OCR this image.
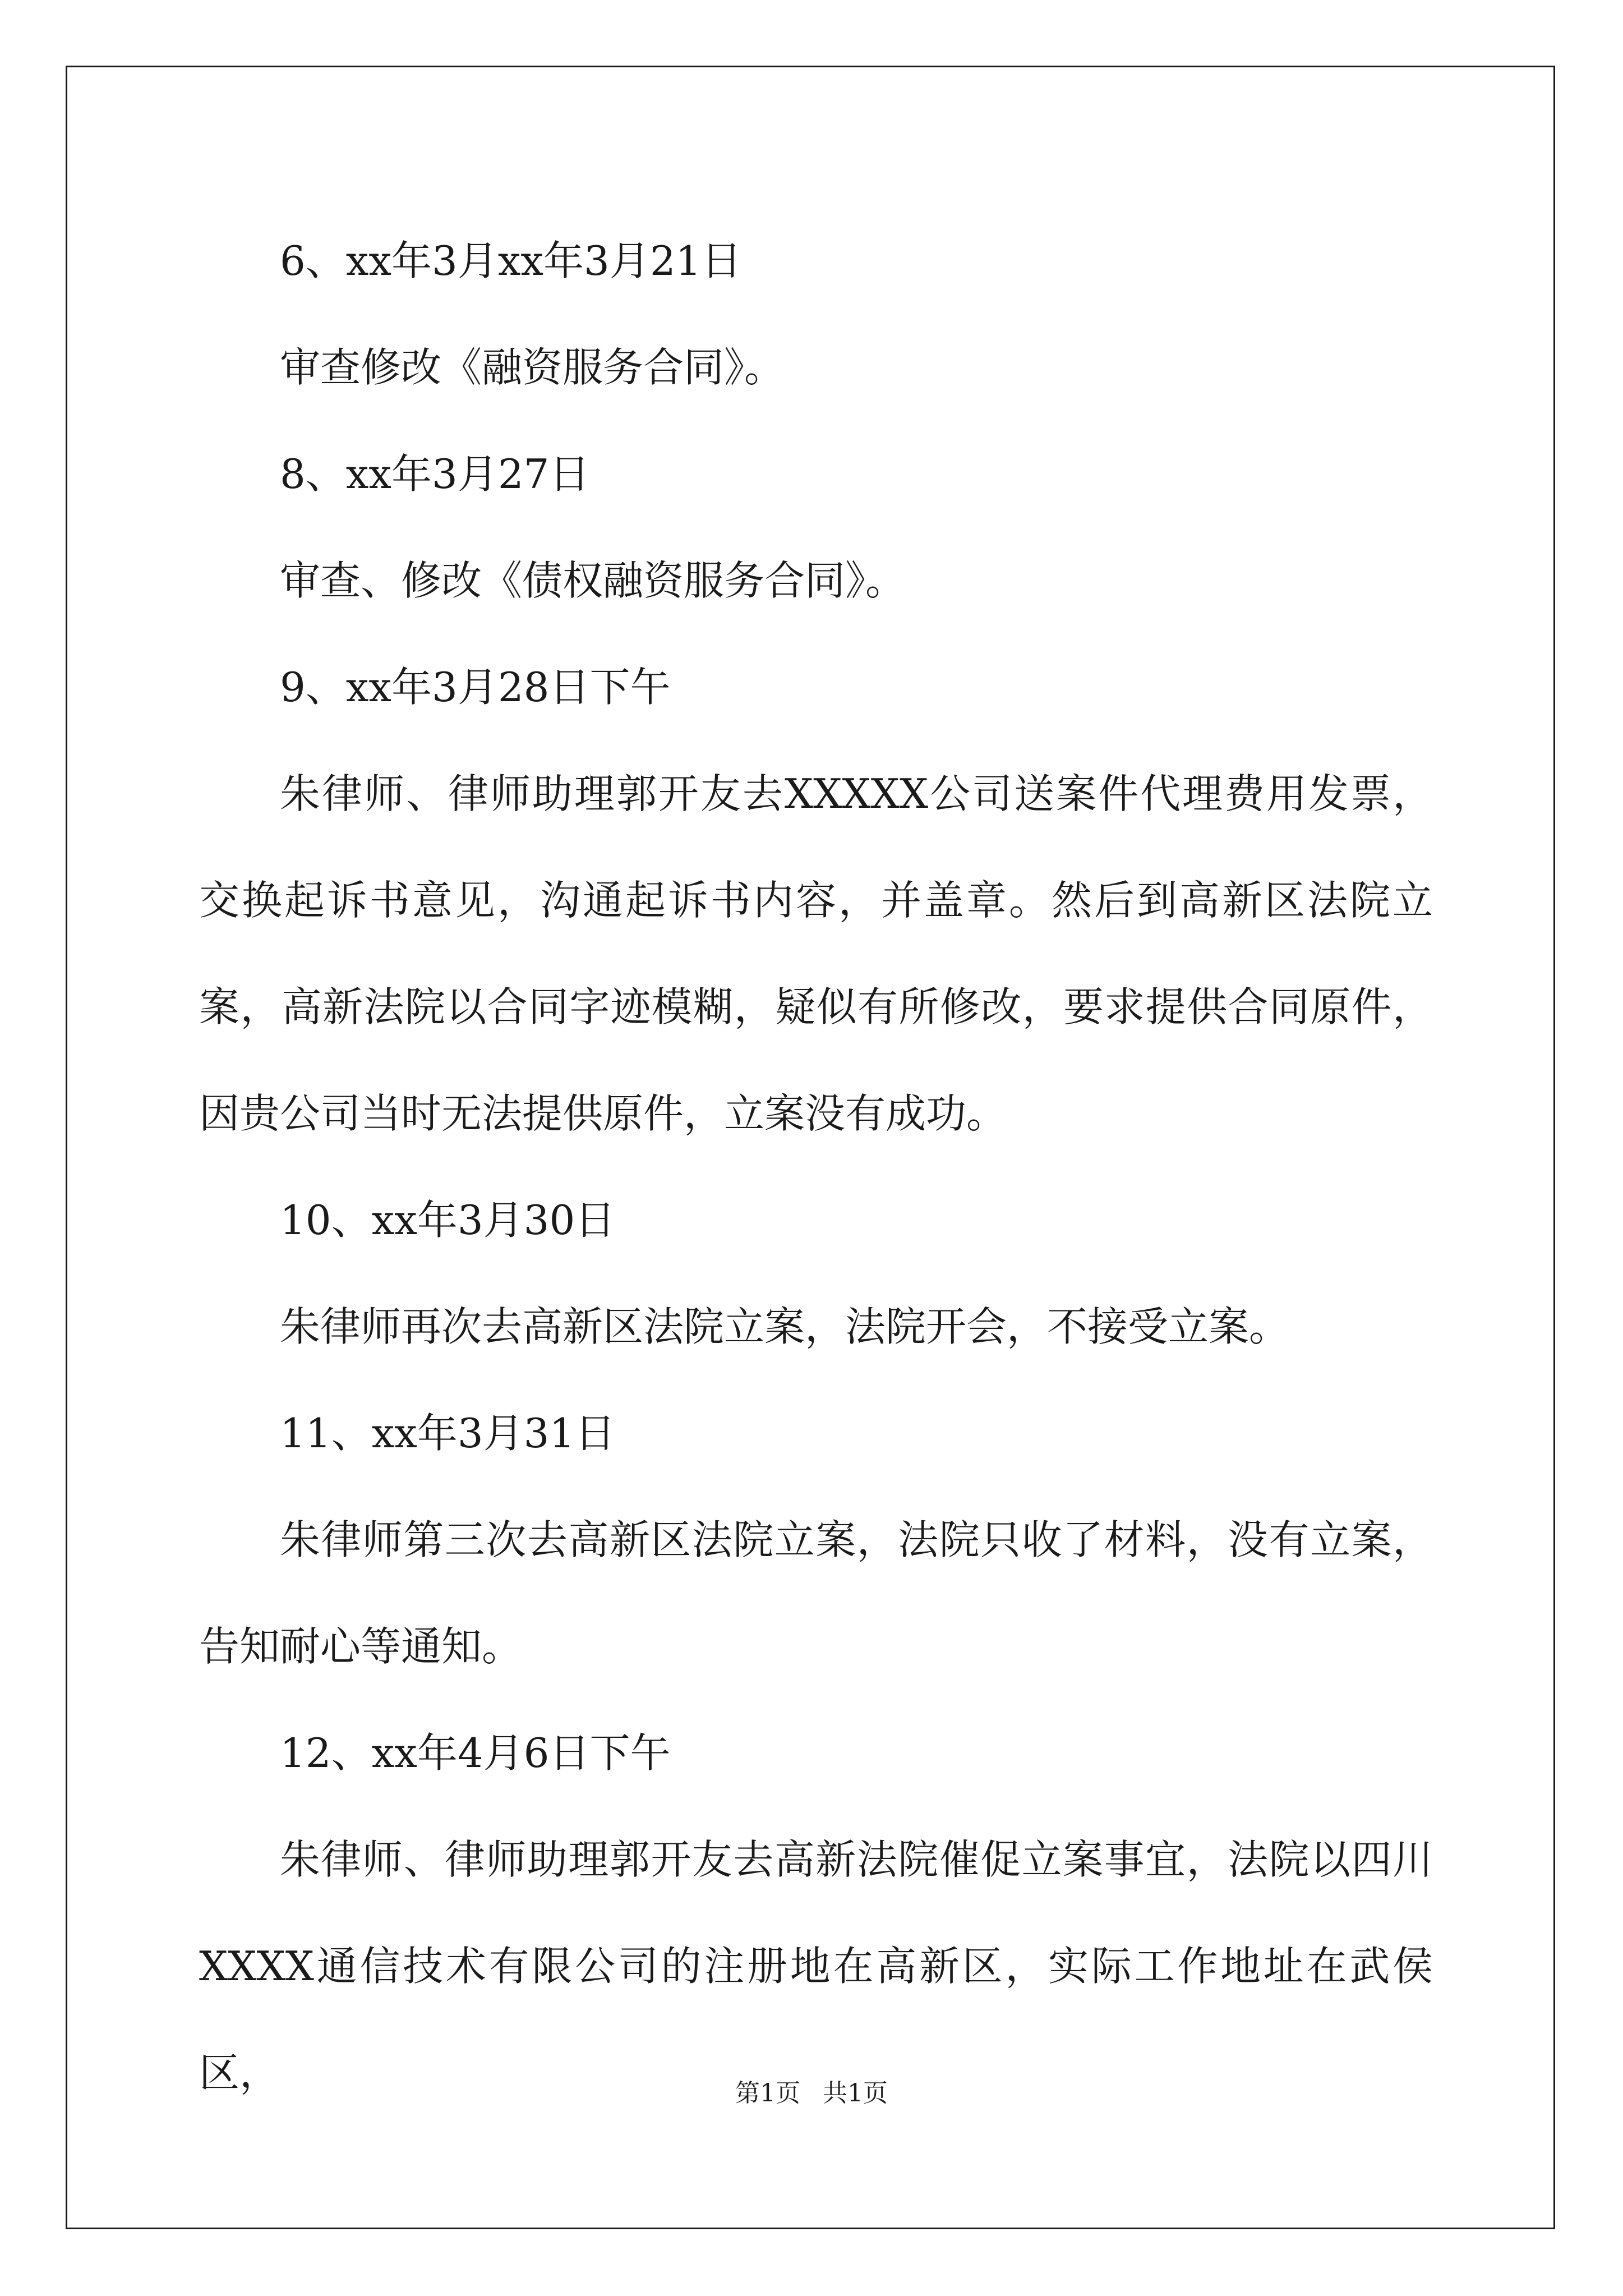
6、xx年3月xx年3月21日

审查修改《融资服务合同》。

8、xx年3月27日

审查、修改《债权融资服务合同》。

9、xx年3月28日下午

朱律师、律师助理郭开友去XXXXX公司送案件代理费用发票，交换起诉书意见，沟通起诉书内容，并盖章。然后到高新区法院立案，高新法院以合同字迹模糊，疑似有所修改，要求提供合同原件，因贵公司当时无法提供原件，立案没有成功。

10、xx年3月30日

朱律师再次去高新区法院立案，法院开会，不接受立案。

11、xx年3月31日

朱律师第三次去高新区法院立案，法院只收了材料，没有立案，告知耐心等通知。

12、xx年4月6日下午

朱律师、律师助理郭开友去高新法院催促立案事宜，法院以四川XXXX通信技术有限公司的注册地在高新区，实际工作地址在武侯区，	第1页 共1页
